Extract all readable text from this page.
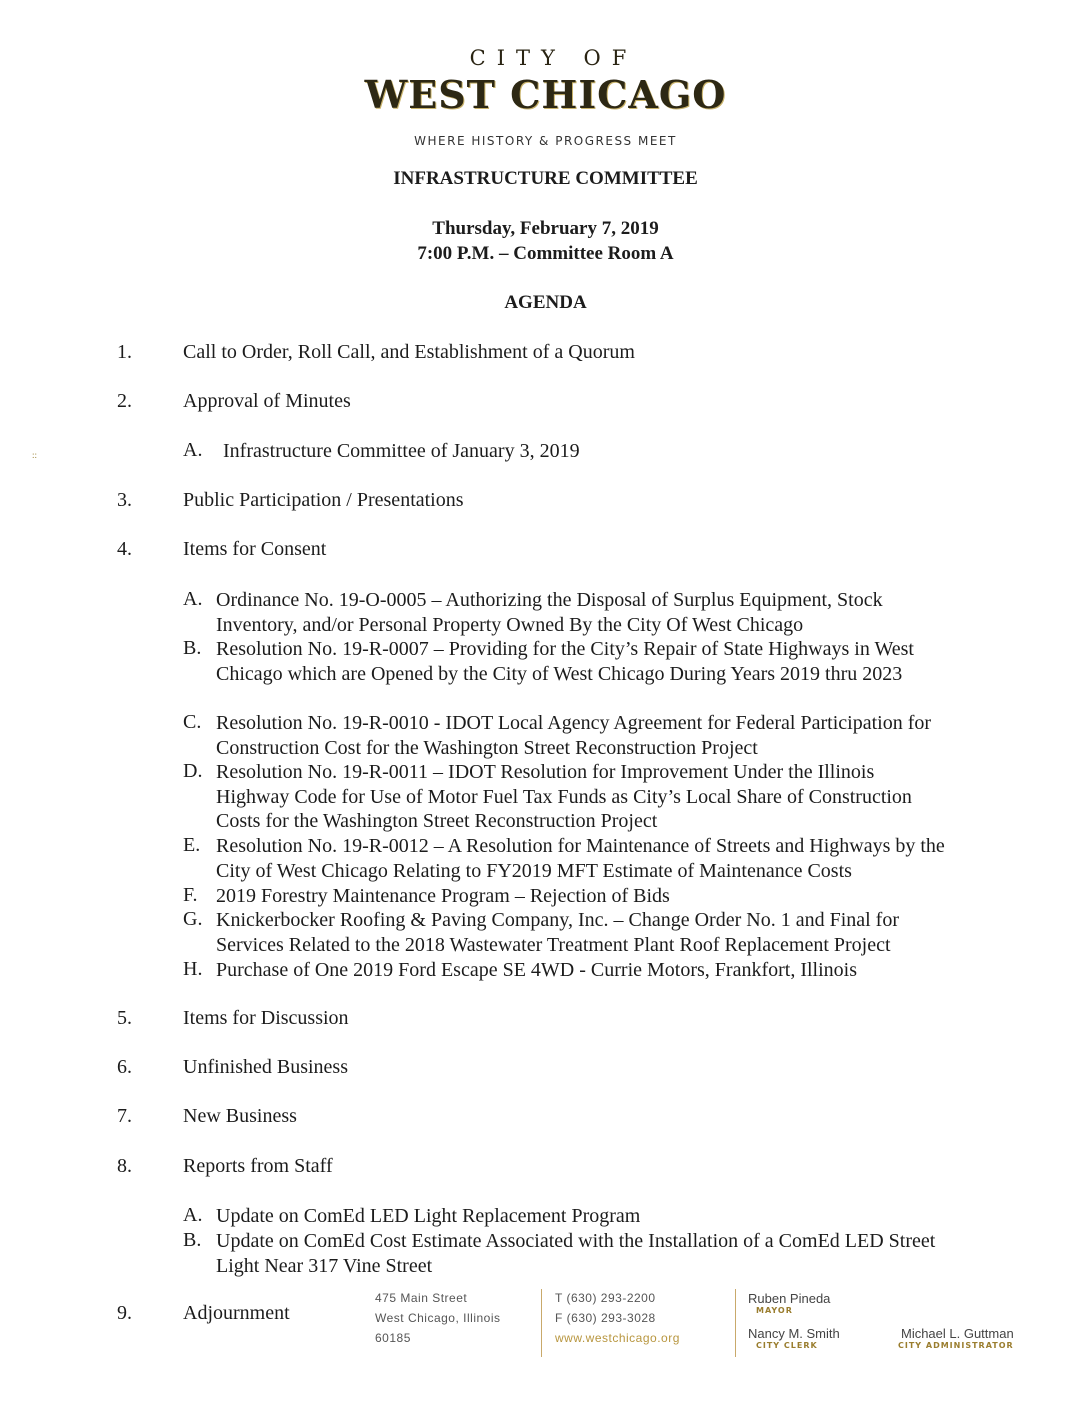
CITY OF
WEST CHICAGO
WHERE HISTORY & PROGRESS MEET
INFRASTRUCTURE COMMITTEE
Thursday, February 7, 2019
7:00 P.M. – Committee Room A
AGENDA
::
1.	Call to Order, Roll Call, and Establishment of a Quorum
2.	Approval of Minutes
A. Infrastructure Committee of January 3, 2019
3.	Public Participation / Presentations
4.	Items for Consent
A. Ordinance No. 19-O-0005 – Authorizing the Disposal of Surplus Equipment, Stock Inventory, and/or Personal Property Owned By the City Of West Chicago
B. Resolution No. 19-R-0007 – Providing for the City’s Repair of State Highways in West Chicago which are Opened by the City of West Chicago During Years 2019 thru 2023
C. Resolution No. 19-R-0010 - IDOT Local Agency Agreement for Federal Participation for Construction Cost for the Washington Street Reconstruction Project
D. Resolution No. 19-R-0011 – IDOT Resolution for Improvement Under the Illinois Highway Code for Use of Motor Fuel Tax Funds as City’s Local Share of Construction Costs for the Washington Street Reconstruction Project
E. Resolution No. 19-R-0012 – A Resolution for Maintenance of Streets and Highways by the City of West Chicago Relating to FY2019 MFT Estimate of Maintenance Costs
F. 2019 Forestry Maintenance Program – Rejection of Bids
G. Knickerbocker Roofing & Paving Company, Inc. – Change Order No. 1 and Final for Services Related to the 2018 Wastewater Treatment Plant Roof Replacement Project
H. Purchase of One 2019 Ford Escape SE 4WD - Currie Motors, Frankfort, Illinois
5.	Items for Discussion
6.	Unfinished Business
7.	New Business
8.	Reports from Staff
A. Update on ComEd LED Light Replacement Program
B. Update on ComEd Cost Estimate Associated with the Installation of a ComEd LED Street Light Near 317 Vine Street
9.	Adjournment
475 Main Street
West Chicago, Illinois
60185
T (630) 293-2200
F (630) 293-3028
www.westchicago.org
Ruben Pineda
MAYOR
Nancy M. Smith
CITY CLERK
Michael L. Guttman
CITY ADMINISTRATOR
